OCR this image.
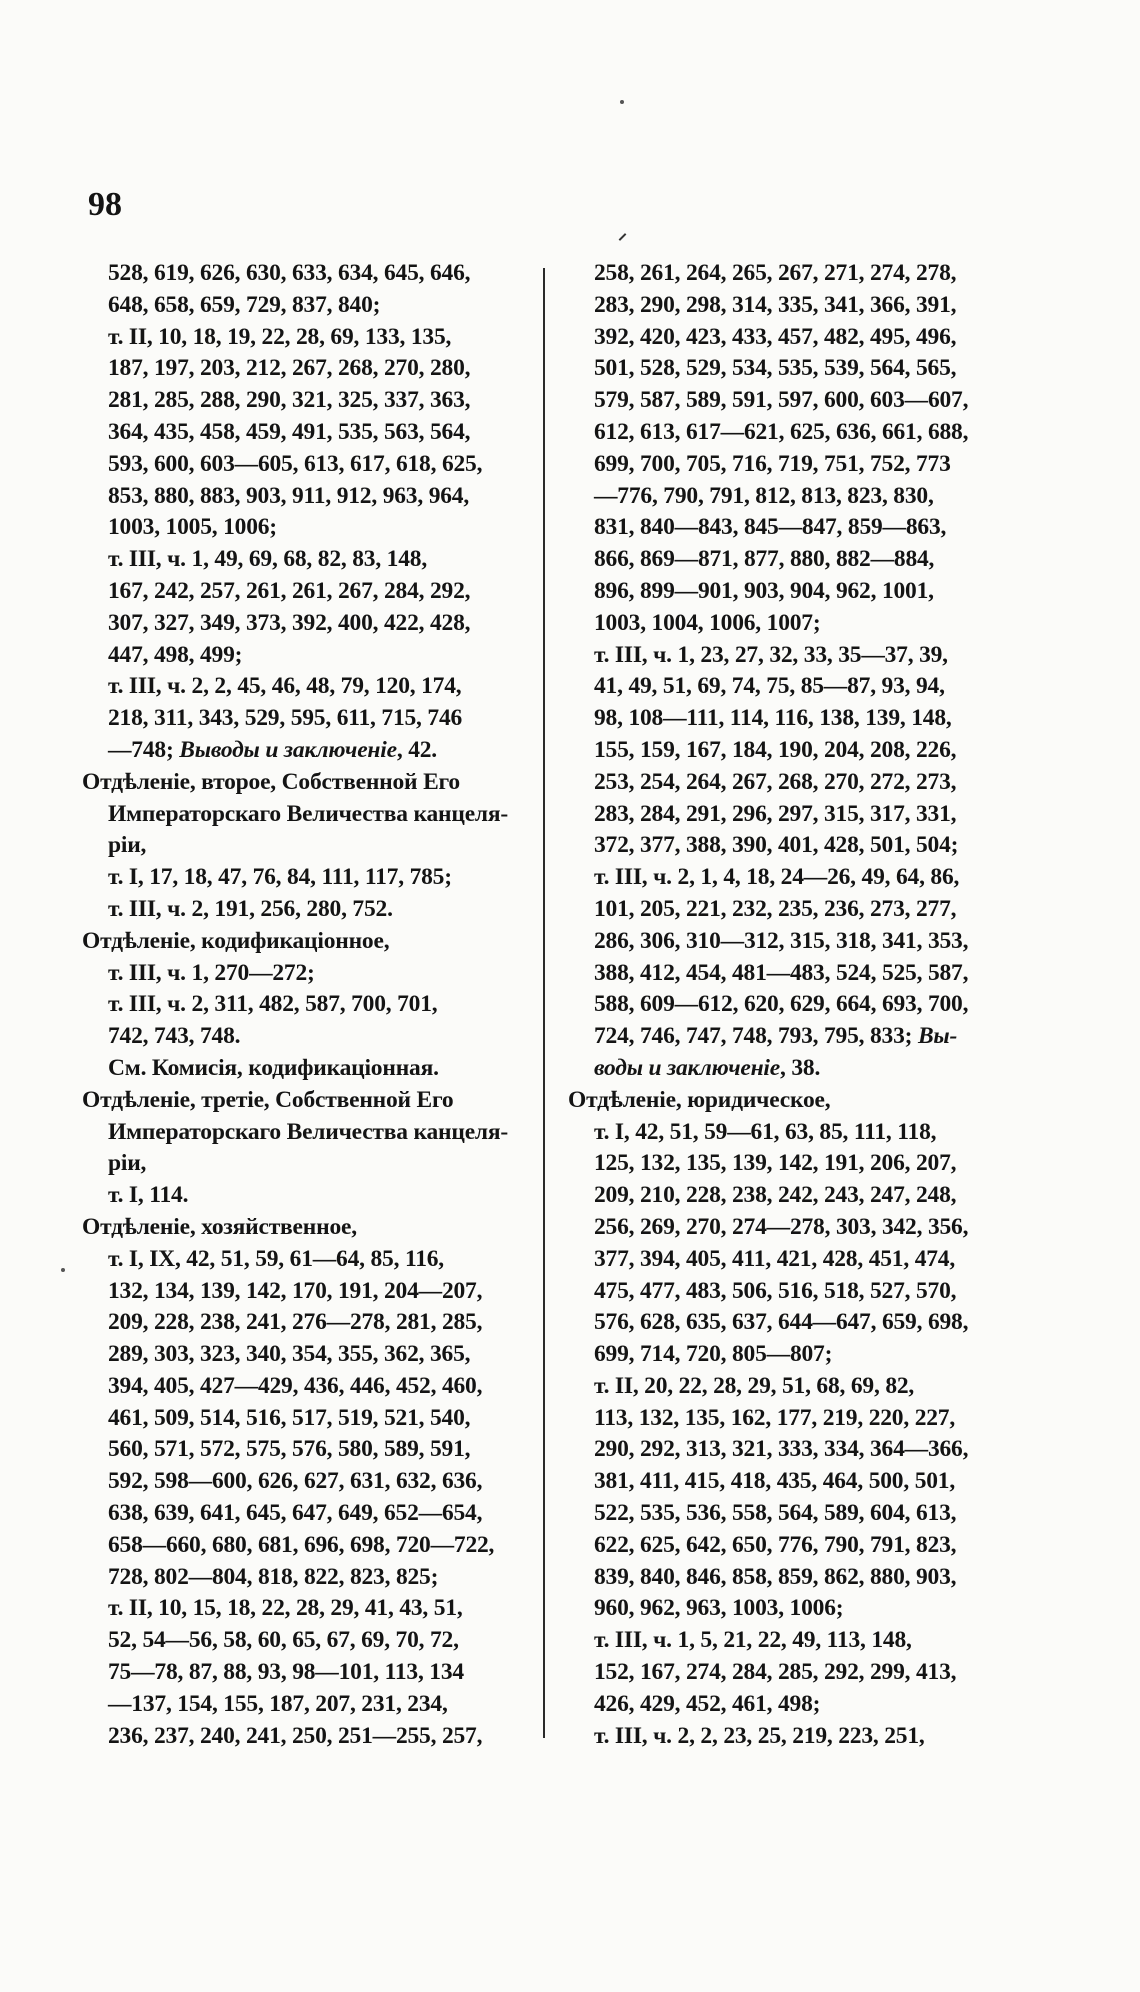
98
528, 619, 626, 630, 633, 634, 645, 646,
648, 658, 659, 729, 837, 840;
т. II, 10, 18, 19, 22, 28, 69, 133, 135,
187, 197, 203, 212, 267, 268, 270, 280,
281, 285, 288, 290, 321, 325, 337, 363,
364, 435, 458, 459, 491, 535, 563, 564,
593, 600, 603—605, 613, 617, 618, 625,
853, 880, 883, 903, 911, 912, 963, 964,
1003, 1005, 1006;
т. III, ч. 1, 49, 69, 68, 82, 83, 148,
167, 242, 257, 261, 261, 267, 284, 292,
307, 327, 349, 373, 392, 400, 422, 428,
447, 498, 499;
т. III, ч. 2, 2, 45, 46, 48, 79, 120, 174,
218, 311, 343, 529, 595, 611, 715, 746
—748; Выводы и заключенiе, 42.
Отдѣленiе, второе, Собственной Его
Императорскаго Величества канцеля-
рiи,
т. I, 17, 18, 47, 76, 84, 111, 117, 785;
т. III, ч. 2, 191, 256, 280, 752.
Отдѣленiе, кодификацiонное,
т. III, ч. 1, 270—272;
т. III, ч. 2, 311, 482, 587, 700, 701,
742, 743, 748.
См. Комисiя, кодификацiонная.
Отдѣленiе, третiе, Собственной Его
Императорскаго Величества канцеля-
рiи,
т. I, 114.
Отдѣленiе, хозяйственное,
т. I, IX, 42, 51, 59, 61—64, 85, 116,
132, 134, 139, 142, 170, 191, 204—207,
209, 228, 238, 241, 276—278, 281, 285,
289, 303, 323, 340, 354, 355, 362, 365,
394, 405, 427—429, 436, 446, 452, 460,
461, 509, 514, 516, 517, 519, 521, 540,
560, 571, 572, 575, 576, 580, 589, 591,
592, 598—600, 626, 627, 631, 632, 636,
638, 639, 641, 645, 647, 649, 652—654,
658—660, 680, 681, 696, 698, 720—722,
728, 802—804, 818, 822, 823, 825;
т. II, 10, 15, 18, 22, 28, 29, 41, 43, 51,
52, 54—56, 58, 60, 65, 67, 69, 70, 72,
75—78, 87, 88, 93, 98—101, 113, 134
—137, 154, 155, 187, 207, 231, 234,
236, 237, 240, 241, 250, 251—255, 257,
258, 261, 264, 265, 267, 271, 274, 278,
283, 290, 298, 314, 335, 341, 366, 391,
392, 420, 423, 433, 457, 482, 495, 496,
501, 528, 529, 534, 535, 539, 564, 565,
579, 587, 589, 591, 597, 600, 603—607,
612, 613, 617—621, 625, 636, 661, 688,
699, 700, 705, 716, 719, 751, 752, 773
—776, 790, 791, 812, 813, 823, 830,
831, 840—843, 845—847, 859—863,
866, 869—871, 877, 880, 882—884,
896, 899—901, 903, 904, 962, 1001,
1003, 1004, 1006, 1007;
т. III, ч. 1, 23, 27, 32, 33, 35—37, 39,
41, 49, 51, 69, 74, 75, 85—87, 93, 94,
98, 108—111, 114, 116, 138, 139, 148,
155, 159, 167, 184, 190, 204, 208, 226,
253, 254, 264, 267, 268, 270, 272, 273,
283, 284, 291, 296, 297, 315, 317, 331,
372, 377, 388, 390, 401, 428, 501, 504;
т. III, ч. 2, 1, 4, 18, 24—26, 49, 64, 86,
101, 205, 221, 232, 235, 236, 273, 277,
286, 306, 310—312, 315, 318, 341, 353,
388, 412, 454, 481—483, 524, 525, 587,
588, 609—612, 620, 629, 664, 693, 700,
724, 746, 747, 748, 793, 795, 833; Вы-
воды и заключенiе, 38.
Отдѣленiе, юридическое,
т. I, 42, 51, 59—61, 63, 85, 111, 118,
125, 132, 135, 139, 142, 191, 206, 207,
209, 210, 228, 238, 242, 243, 247, 248,
256, 269, 270, 274—278, 303, 342, 356,
377, 394, 405, 411, 421, 428, 451, 474,
475, 477, 483, 506, 516, 518, 527, 570,
576, 628, 635, 637, 644—647, 659, 698,
699, 714, 720, 805—807;
т. II, 20, 22, 28, 29, 51, 68, 69, 82,
113, 132, 135, 162, 177, 219, 220, 227,
290, 292, 313, 321, 333, 334, 364—366,
381, 411, 415, 418, 435, 464, 500, 501,
522, 535, 536, 558, 564, 589, 604, 613,
622, 625, 642, 650, 776, 790, 791, 823,
839, 840, 846, 858, 859, 862, 880, 903,
960, 962, 963, 1003, 1006;
т. III, ч. 1, 5, 21, 22, 49, 113, 148,
152, 167, 274, 284, 285, 292, 299, 413,
426, 429, 452, 461, 498;
т. III, ч. 2, 2, 23, 25, 219, 223, 251,
